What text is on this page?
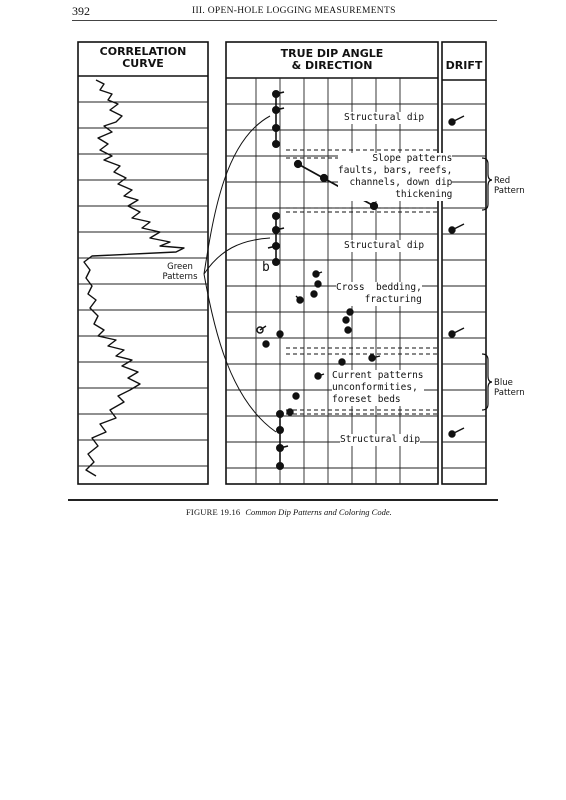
392	III. OPEN-HOLE LOGGING MEASUREMENTS
CORRELATION
CURVE
TRUE DIP ANGLE
& DIRECTION	DRIFT
Structural dip
Slope patterns
faults, bars, reefs,
channels, down dip
thickening
Structural dip
Cross  bedding,
fracturing
Current patterns
unconformities,
foreset beds
Structural dip
b
Green
Patterns
Red
Pattern
Blue
Pattern
FIGURE 19.16 Common Dip Patterns and Coloring Code.
